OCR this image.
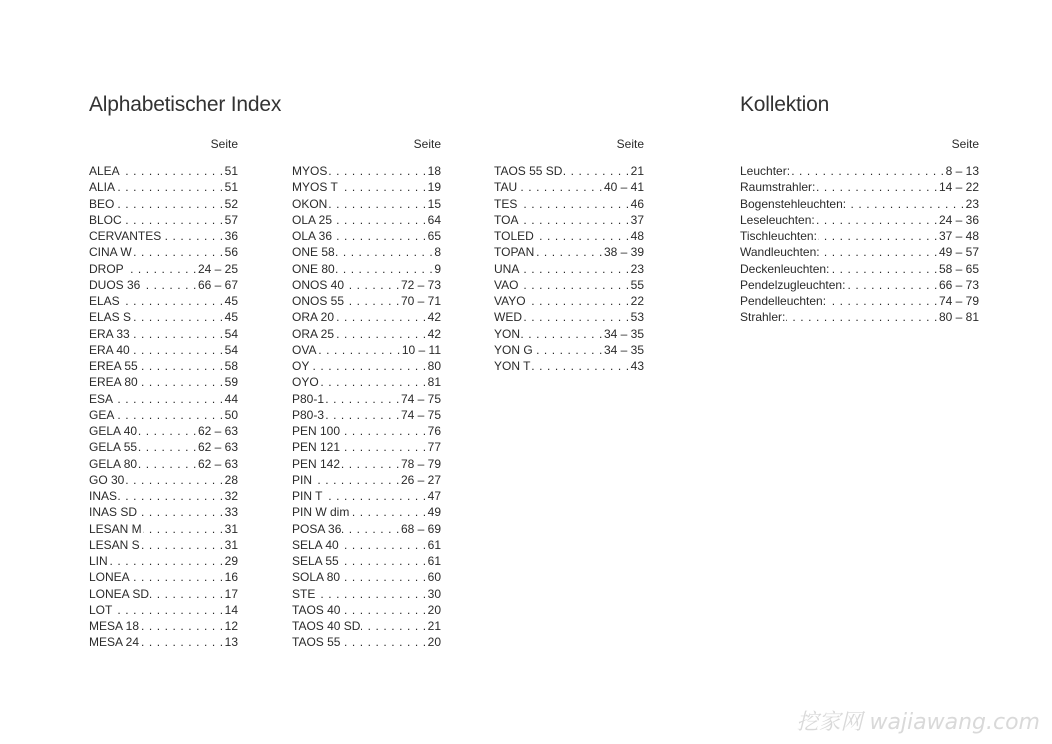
Alphabetischer Index	Kollektion
Seite
ALEA . . .	51
ALIA . . .	51
BEO . . .	52
BLOC . . .	57
CERVANTES . . .	36
CINA W . . .	56
DROP . . .	24 – 25
DUOS 36 . . .	66 – 67
ELAS . . .	45
ELAS S . . .	45
ERA 33 . . .	54
ERA 40 . . .	54
EREA 55 . . .	58
EREA 80 . . .	59
ESA . . .	44
GEA . . .	50
GELA 40 . . .	62 – 63
GELA 55 . . .	62 – 63
GELA 80 . . .	62 – 63
GO 30 . . .	28
INAS . . .	32
INAS SD . . .	33
LESAN M . . .	31
LESAN S . . .	31
LIN . . .	29
LONEA . . .	16
LONEA SD . . .	17
LOT . . .	14
MESA 18 . . .	12
MESA 24 . . .	13
Seite
MYOS . . .	18
MYOS T . . .	19
OKON . . .	15
OLA 25 . . .	64
OLA 36 . . .	65
ONE 58 . . .	8
ONE 80 . . .	9
ONOS 40 . . .	72 – 73
ONOS 55 . . .	70 – 71
ORA 20 . . .	42
ORA 25 . . .	42
OVA . . .	10 – 11
OY . . .	80
OYO . . .	81
P80-1 . . .	74 – 75
P80-3 . . .	74 – 75
PEN 100 . . .	76
PEN 121 . . .	77
PEN 142 . . .	78 – 79
PIN . . .	26 – 27
PIN T . . .	47
PIN W dim . . .	49
POSA 36 . . .	68 – 69
SELA 40 . . .	61
SELA 55 . . .	61
SOLA 80 . . .	60
STE . . .	30
TAOS 40 . . .	20
TAOS 40 SD . . .	21
TAOS 55 . . .	20
Seite
TAOS 55 SD . . .	21
TAU . . .	40 – 41
TES . . .	46
TOA . . .	37
TOLED . . .	48
TOPAN . . .	38 – 39
UNA . . .	23
VAO . . .	55
VAYO . . .	22
WED . . .	53
YON . . .	34 – 35
YON G . . .	34 – 35
YON T . . .	43
Seite
Leuchter: . . .	8 – 13
Raumstrahler: . . .	14 – 22
Bogenstehleuchten: . . .	23
Leseleuchten: . . .	24 – 36
Tischleuchten: . . .	37 – 48
Wandleuchten: . . .	49 – 57
Deckenleuchten: . . .	58 – 65
Pendelzugleuchten: . . .	66 – 73
Pendelleuchten: . . .	74 – 79
Strahler: . . .	80 – 81
挖家网 wajiawang.com
